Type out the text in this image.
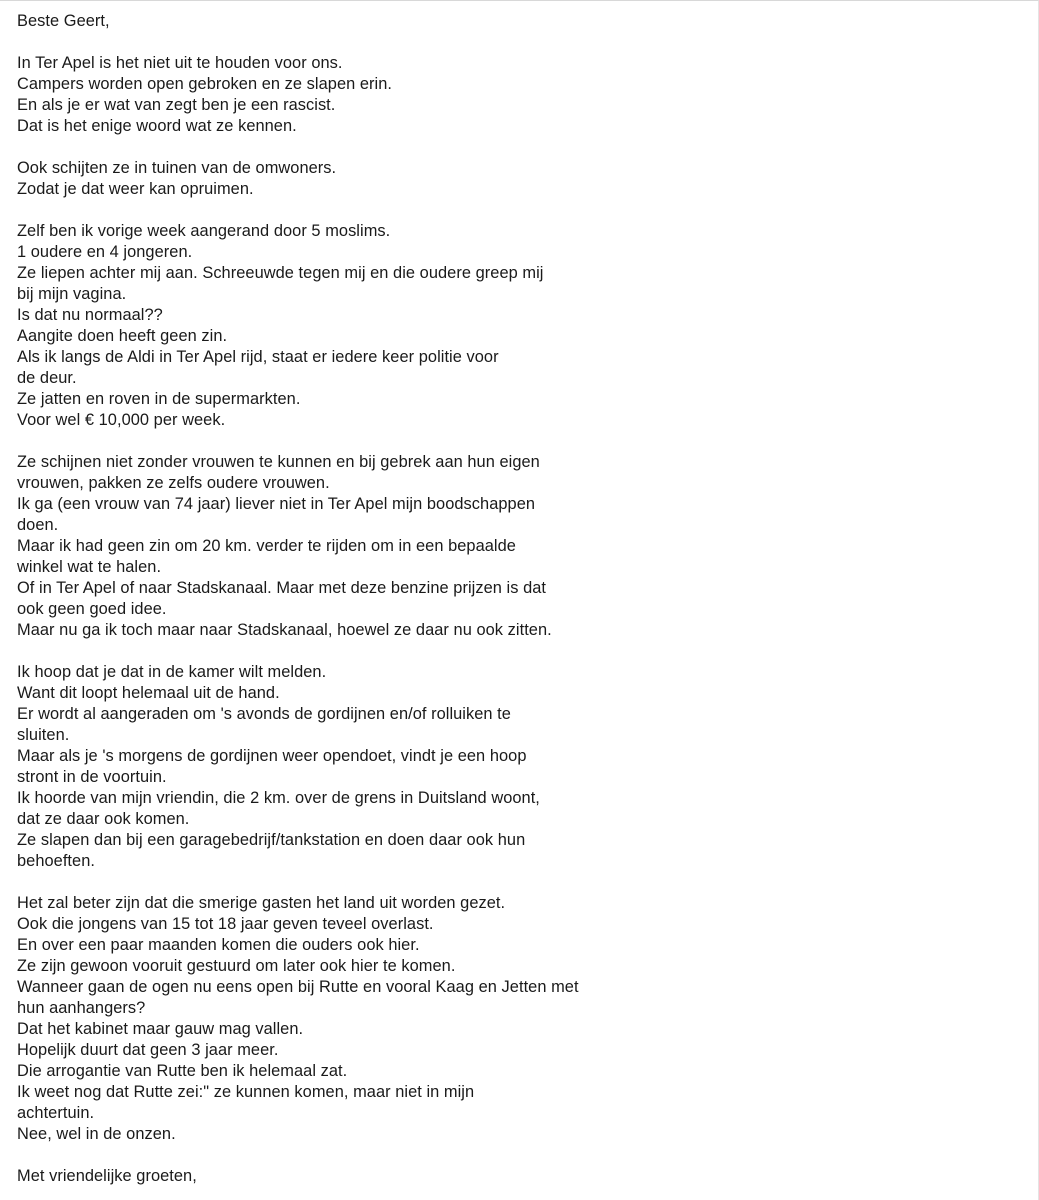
Beste Geert,
In Ter Apel is het niet uit te houden voor ons.
Campers worden open gebroken en ze slapen erin.
En als je er wat van zegt ben je een rascist.
Dat is het enige woord wat ze kennen.
Ook schijten ze in tuinen van de omwoners.
Zodat je dat weer kan opruimen.
Zelf ben ik vorige week aangerand door 5 moslims.
1 oudere en 4 jongeren.
Ze liepen achter mij aan. Schreeuwde tegen mij en die oudere greep mij
bij mijn vagina.
Is dat nu normaal??
Aangite doen heeft geen zin.
Als ik langs de Aldi in Ter Apel rijd, staat er iedere keer politie voor
de deur.
Ze jatten en roven in de supermarkten.
Voor wel € 10,000 per week.
Ze schijnen niet zonder vrouwen te kunnen en bij gebrek aan hun eigen
vrouwen, pakken ze zelfs oudere vrouwen.
Ik ga (een vrouw van 74 jaar) liever niet in Ter Apel mijn boodschappen
doen.
Maar ik had geen zin om 20 km. verder te rijden om in een bepaalde
winkel wat te halen.
Of in Ter Apel of naar Stadskanaal. Maar met deze benzine prijzen is dat
ook geen goed idee.
Maar nu ga ik toch maar naar Stadskanaal, hoewel ze daar nu ook zitten.
Ik hoop dat je dat in de kamer wilt melden.
Want dit loopt helemaal uit de hand.
Er wordt al aangeraden om 's avonds de gordijnen en/of rolluiken te
sluiten.
Maar als je 's morgens de gordijnen weer opendoet, vindt je een hoop
stront in de voortuin.
Ik hoorde van mijn vriendin, die 2 km. over de grens in Duitsland woont,
dat ze daar ook komen.
Ze slapen dan bij een garagebedrijf/tankstation en doen daar ook hun
behoeften.
Het zal beter zijn dat die smerige gasten het land uit worden gezet.
Ook die jongens van 15 tot 18 jaar geven teveel overlast.
En over een paar maanden komen die ouders ook hier.
Ze zijn gewoon vooruit gestuurd om later ook hier te komen.
Wanneer gaan de ogen nu eens open bij Rutte en vooral Kaag en Jetten met
hun aanhangers?
Dat het kabinet maar gauw mag vallen.
Hopelijk duurt dat geen 3 jaar meer.
Die arrogantie van Rutte ben ik helemaal zat.
Ik weet nog dat Rutte zei:" ze kunnen komen, maar niet in mijn
achtertuin.
Nee, wel in de onzen.
Met vriendelijke groeten,
